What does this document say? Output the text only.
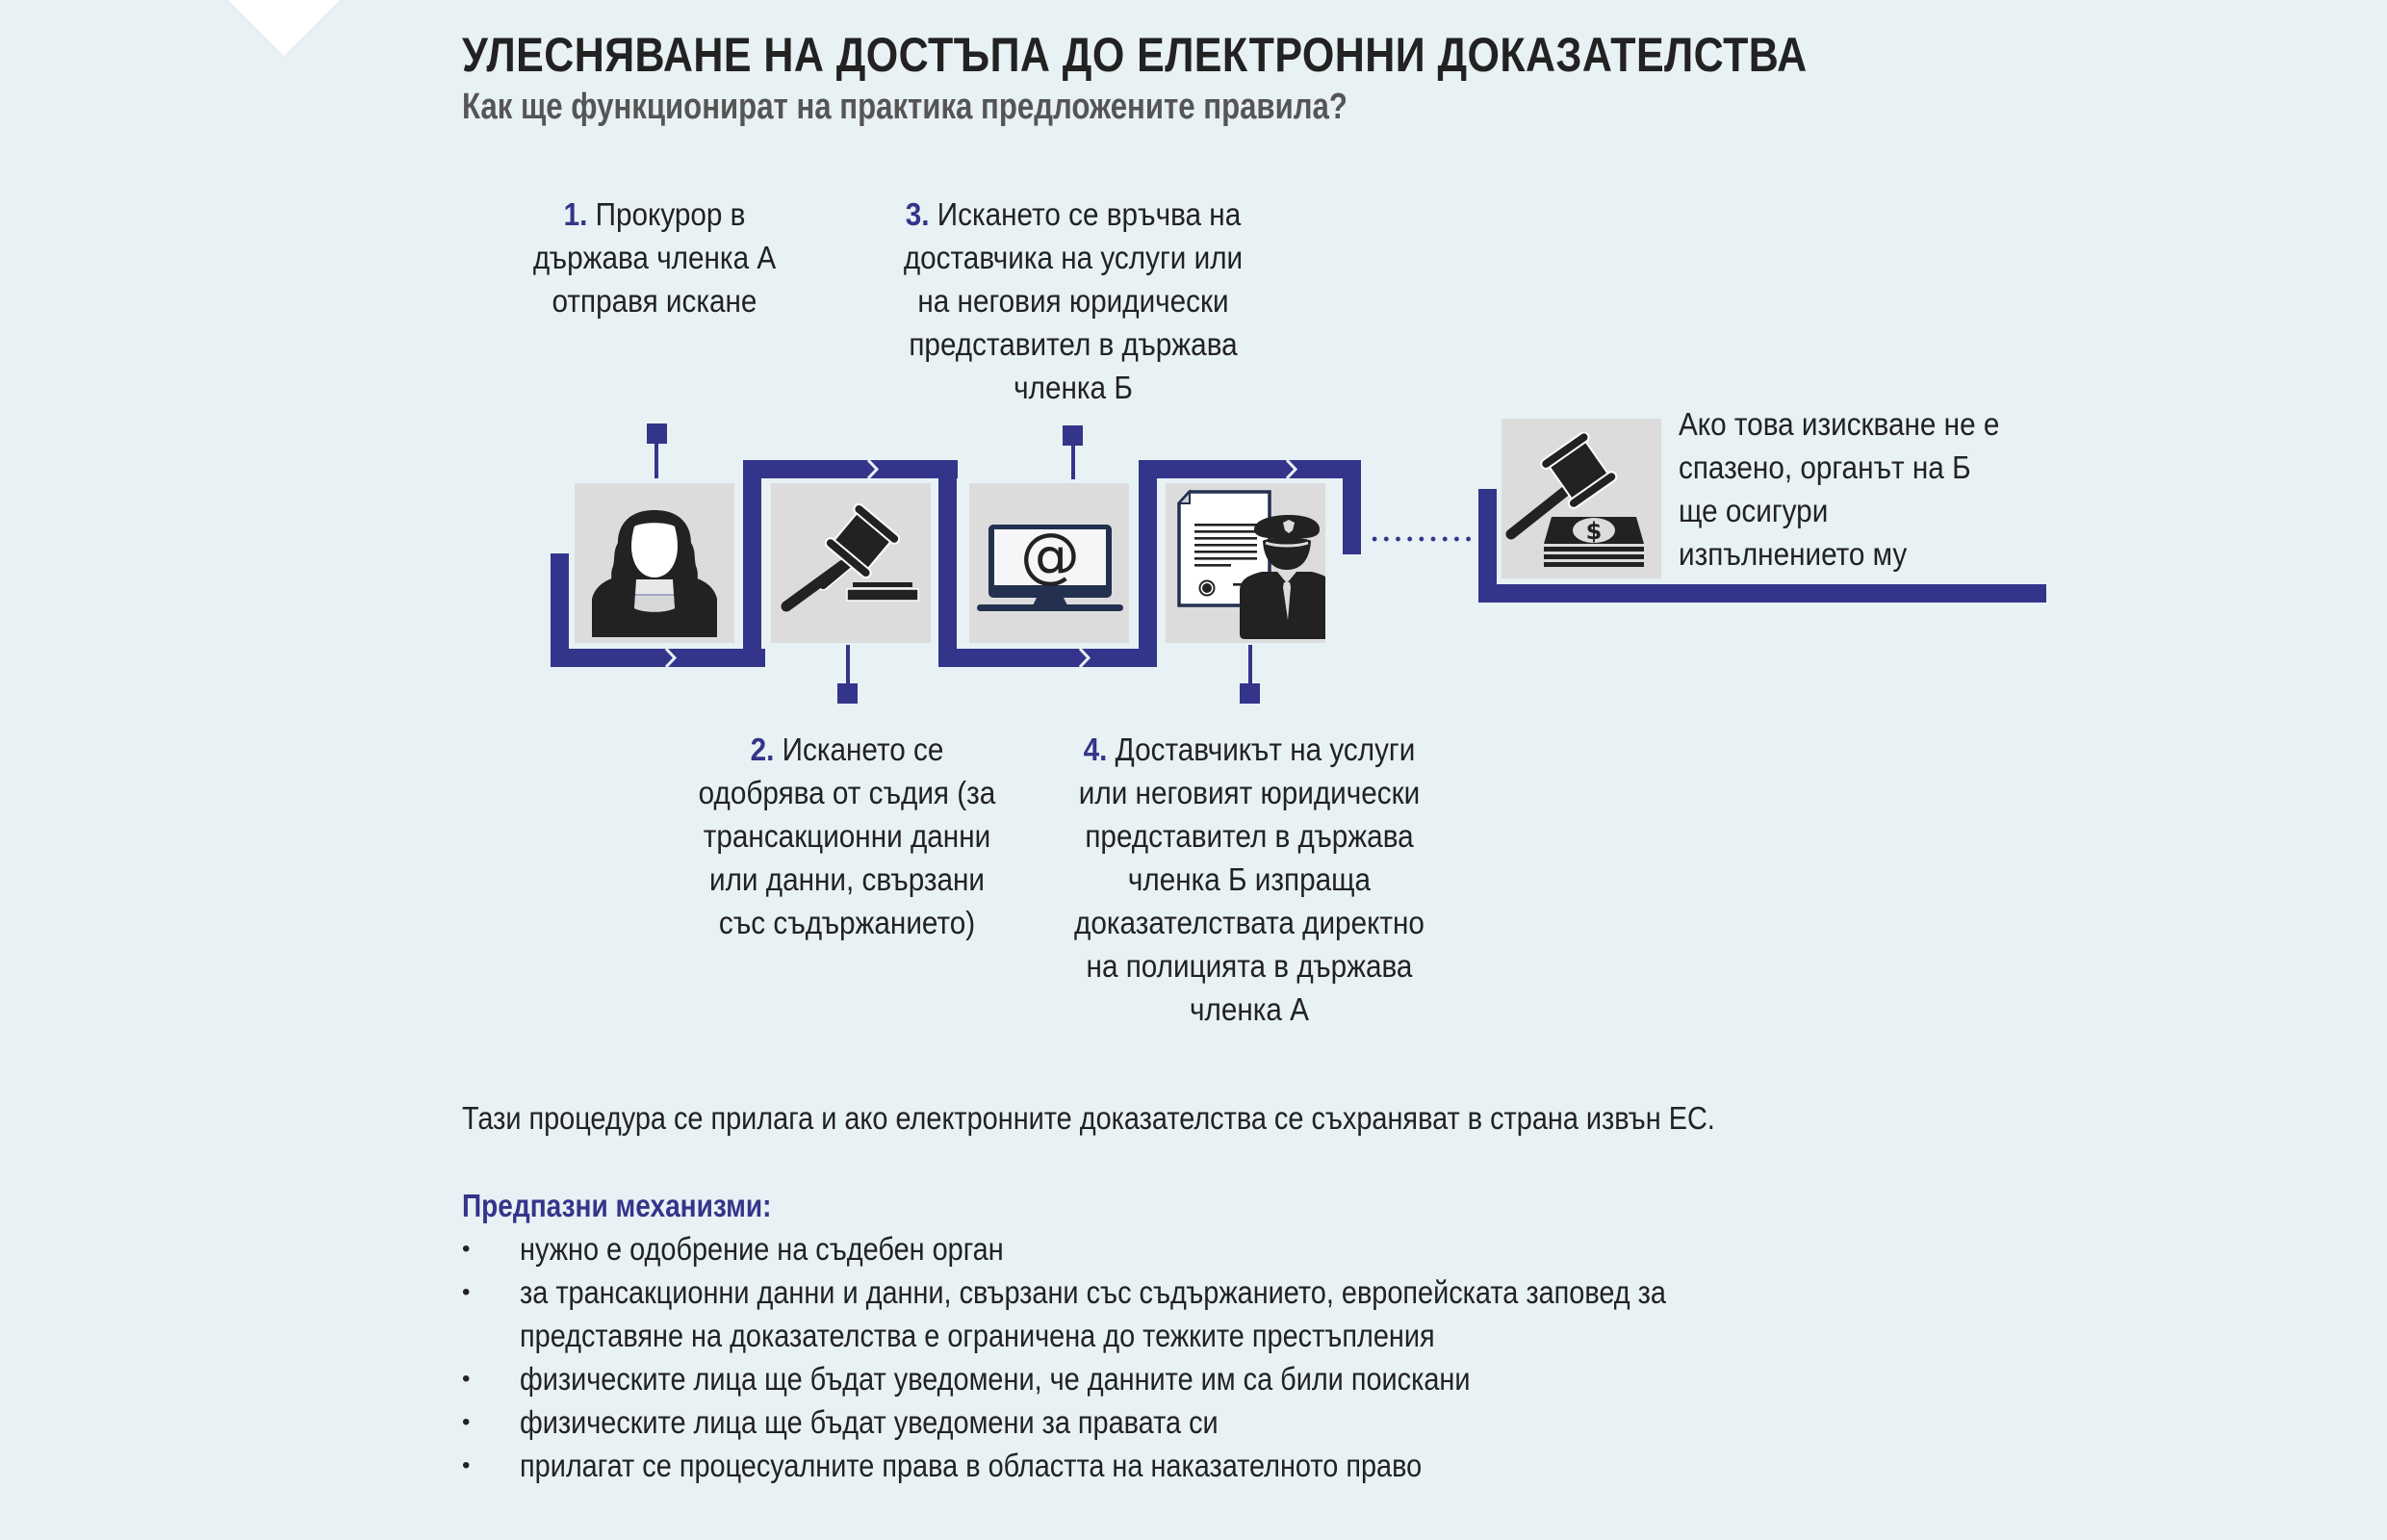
УЛЕСНЯВАНЕ НА ДОСТЪПА ДО ЕЛЕКТРОННИ ДОКАЗАТЕЛСТВА
Как ще функционират на практика предложените правила?
1. Прокурор в
държава членка А
отправя искане
3. Искането се връчва на
доставчика на услуги или
на неговия юридически
представител в държава
членка Б
2. Искането се
одобрява от съдия (за
трансакционни данни
или данни, свързани
със съдържанието)
4. Доставчикът на услуги
или неговият юридически
представител в държава
членка Б изпраща
доказателствата директно
на полицията в държава
членка А
@	$
Ако това изискване не е
спазено, органът на Б
ще осигури
изпълнението му
Тази процедура се прилага и ако електронните доказателства се съхраняват в страна извън ЕС.
Предпазни механизми:
• нужно е одобрение на съдебен орган
• за трансакционни данни и данни, свързани със съдържанието, европейската заповед за
представяне на доказателства е ограничена до тежките престъпления
• физическите лица ще бъдат уведомени, че данните им са били поискани
• физическите лица ще бъдат уведомени за правата си
• прилагат се процесуалните права в областта на наказателното право
